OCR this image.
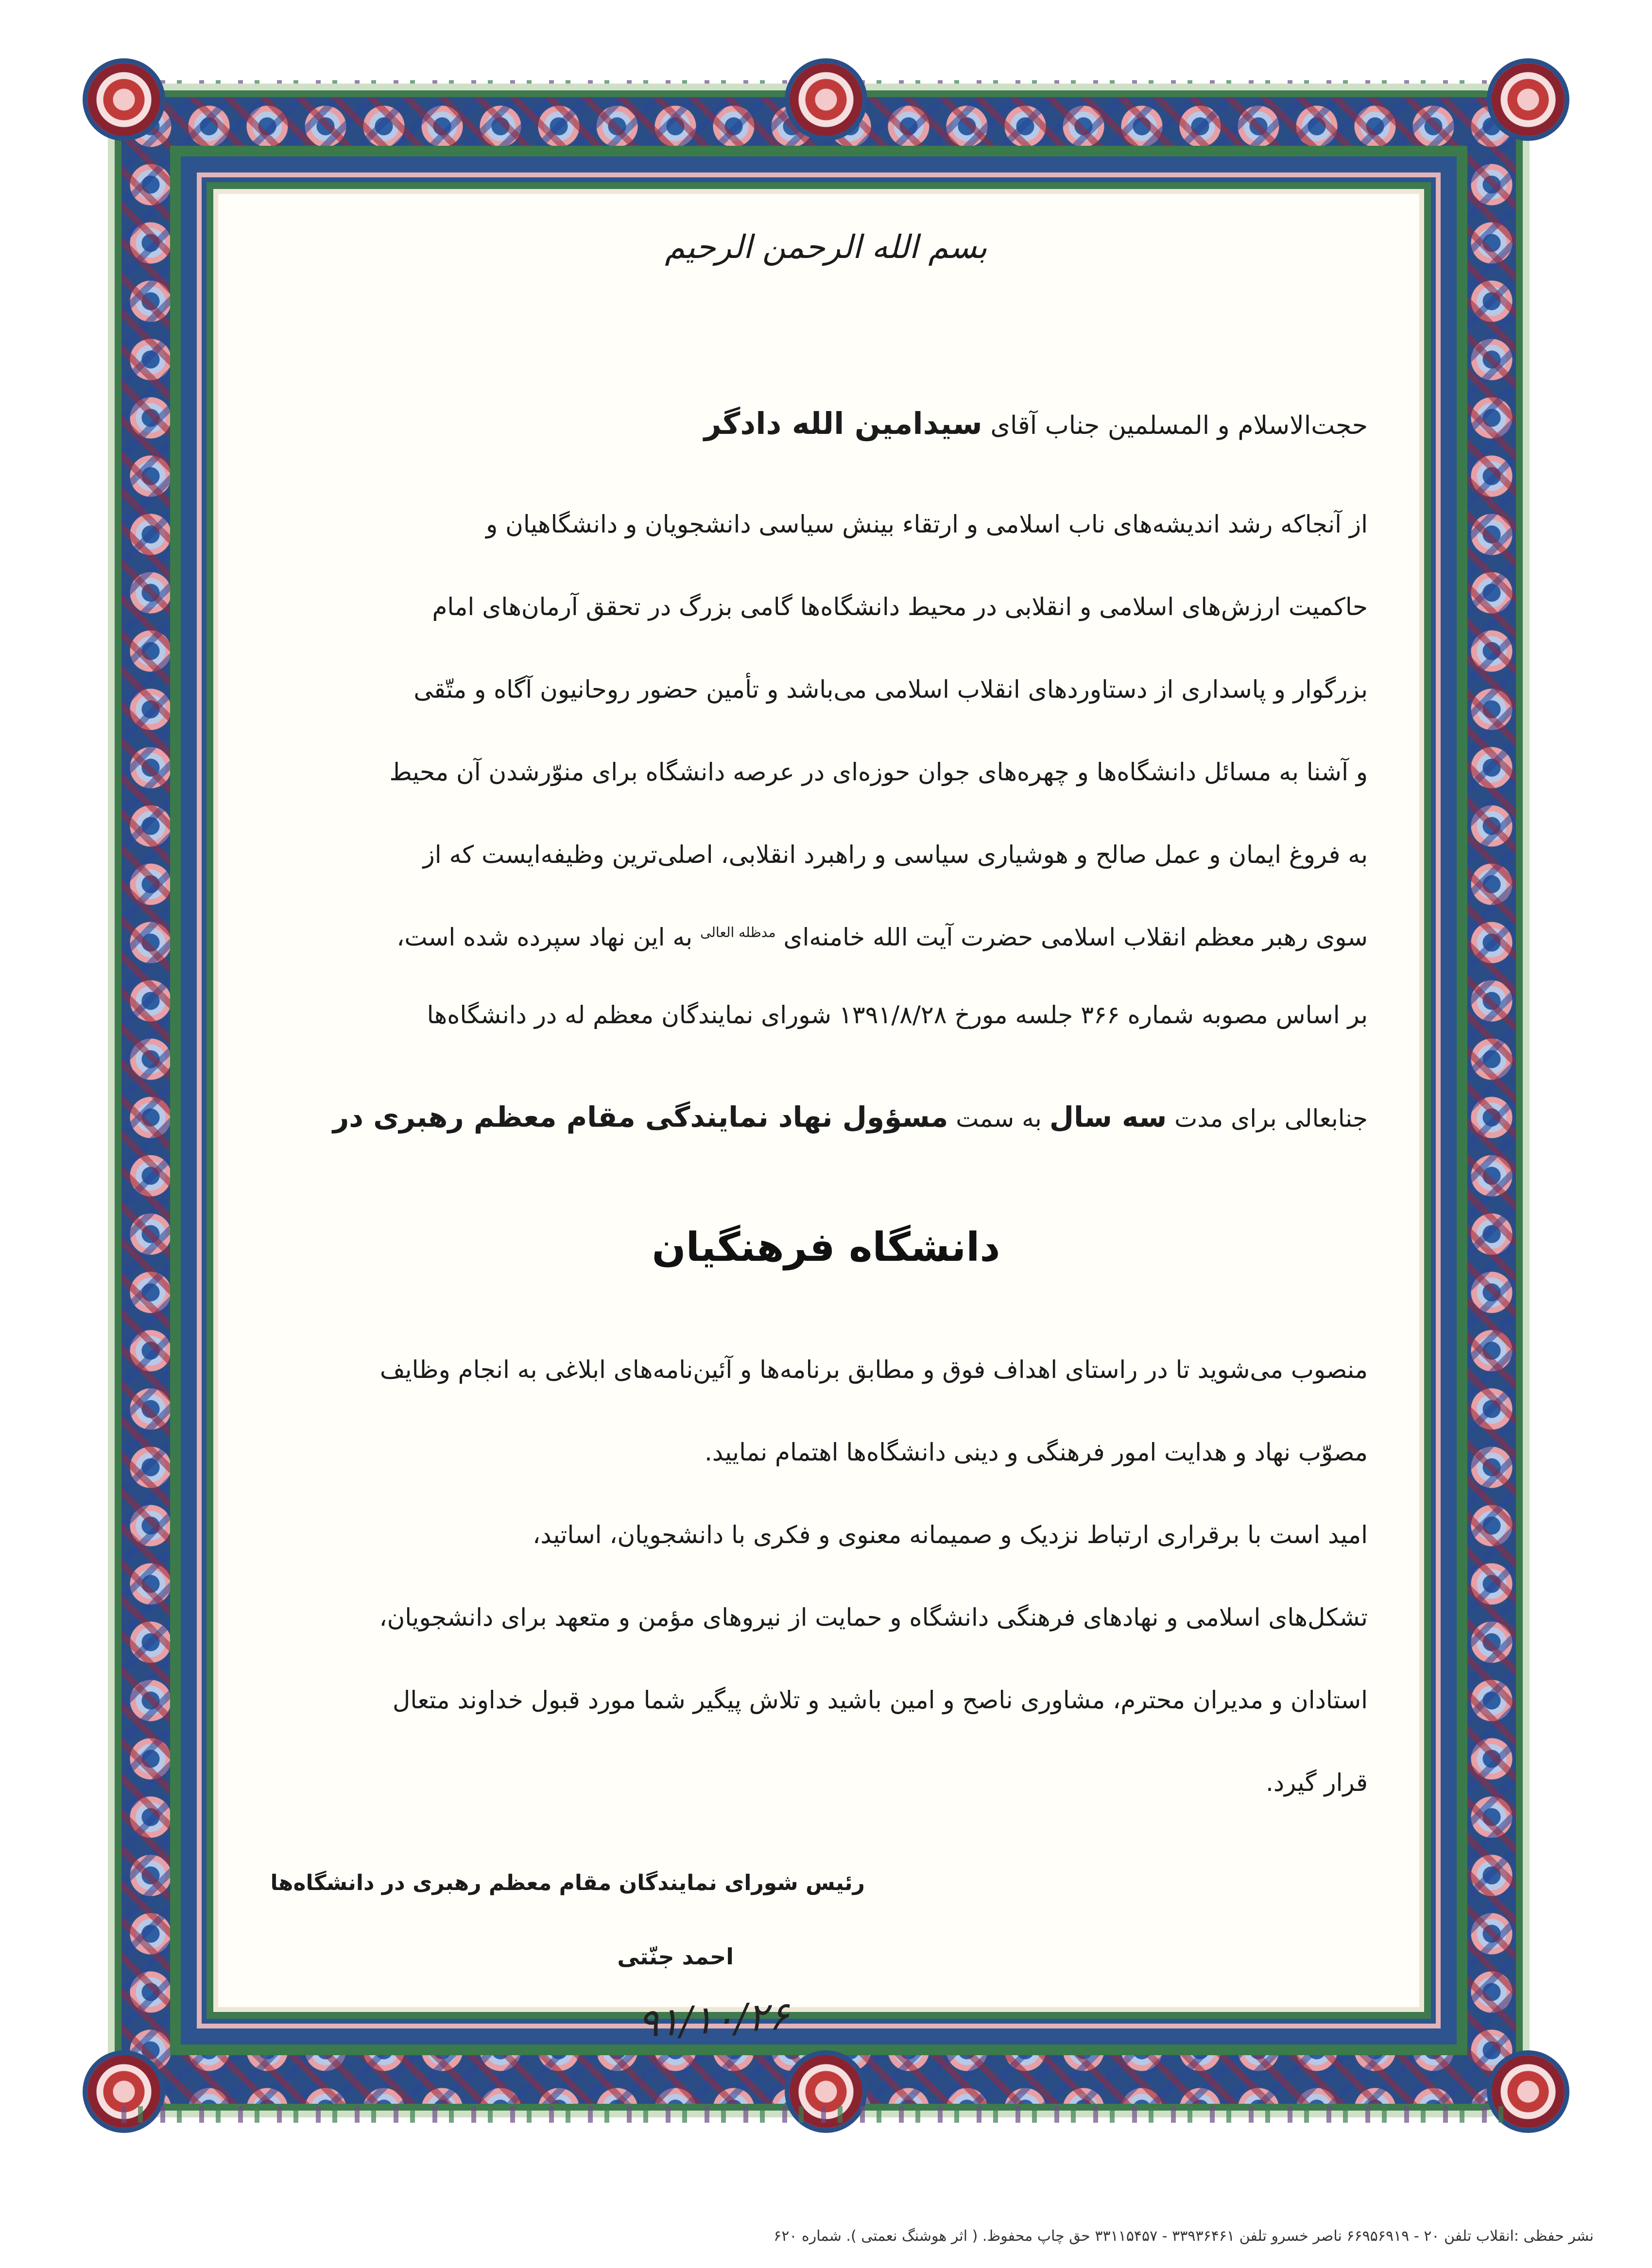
بسم الله الرحمن الرحیم
حجت‌الاسلام و المسلمین جناب آقای سیدامین الله دادگر
از آنجاکه رشد اندیشه‌های ناب اسلامی و ارتقاء بینش سیاسی دانشجویان و دانشگاهیان و
حاکمیت ارزش‌های اسلامی و انقلابی در محیط دانشگاه‌ها گامی بزرگ در تحقق آرمان‌های امام
بزرگوار و پاسداری از دستاوردهای انقلاب اسلامی می‌باشد و تأمین حضور روحانیون آگاه و متّقی
و آشنا به مسائل دانشگاه‌ها و چهره‌های جوان حوزه‌ای در عرصه دانشگاه برای منوّرشدن آن محیط
به فروغ ایمان و عمل صالح و هوشیاری سیاسی و راهبرد انقلابی، اصلی‌ترین وظیفه‌ایست که از
سوی رهبر معظم انقلاب اسلامی حضرت آیت الله خامنه‌ای $^{مدظله العالی}$ به این نهاد سپرده شده است،
بر اساس مصوبه شماره ۳۶۶ جلسه مورخ ۱۳۹۱/۸/۲۸ شورای نمایندگان معظم له در دانشگاه‌ها
جنابعالی برای مدت سه سال به سمت مسؤول نهاد نمایندگی مقام معظم رهبری در
دانشگاه فرهنگیان
منصوب می‌شوید تا در راستای اهداف فوق و مطابق برنامه‌ها و آئین‌نامه‌های ابلاغی به انجام وظایف
مصوّب نهاد و هدایت امور فرهنگی و دینی دانشگاه‌ها اهتمام نمایید.
امید است با برقراری ارتباط نزدیک و صمیمانه معنوی و فکری با دانشجویان، اساتید،
تشکل‌های اسلامی و نهادهای فرهنگی دانشگاه و حمایت از نیروهای مؤمن و متعهد برای دانشجویان،
استادان و مدیران محترم، مشاوری ناصح و امین باشید و تلاش پیگیر شما مورد قبول خداوند متعال
قرار گیرد.
رئیس شورای نمایندگان مقام معظم رهبری در دانشگاه‌ها
احمد جنّتی
۹۱/۱۰/۲۶
نشر حفظی :انقلاب تلفن ۲۰ - ۶۶۹۵۶۹۱۹ ناصر خسرو تلفن ۳۳۹۳۶۴۶۱ - ۳۳۱۱۵۴۵۷ حق چاپ محفوظ. ( اثر هوشنگ نعمتی ). شماره ۶۲۰
